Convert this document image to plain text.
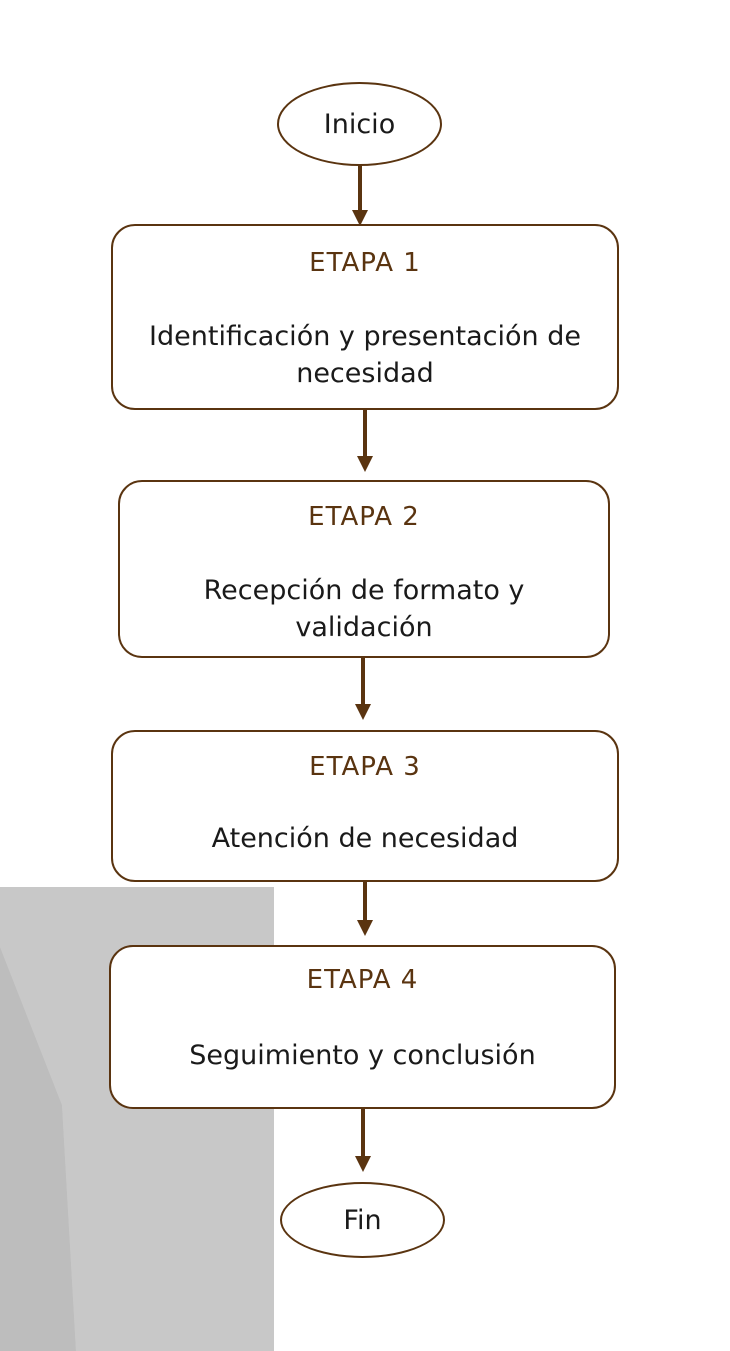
Inicio
ETAPA 1
Identificación y presentación de necesidad
ETAPA 2
Recepción de formato y validación
ETAPA 3
Atención de necesidad
ETAPA 4
Seguimiento y conclusión
Fin
